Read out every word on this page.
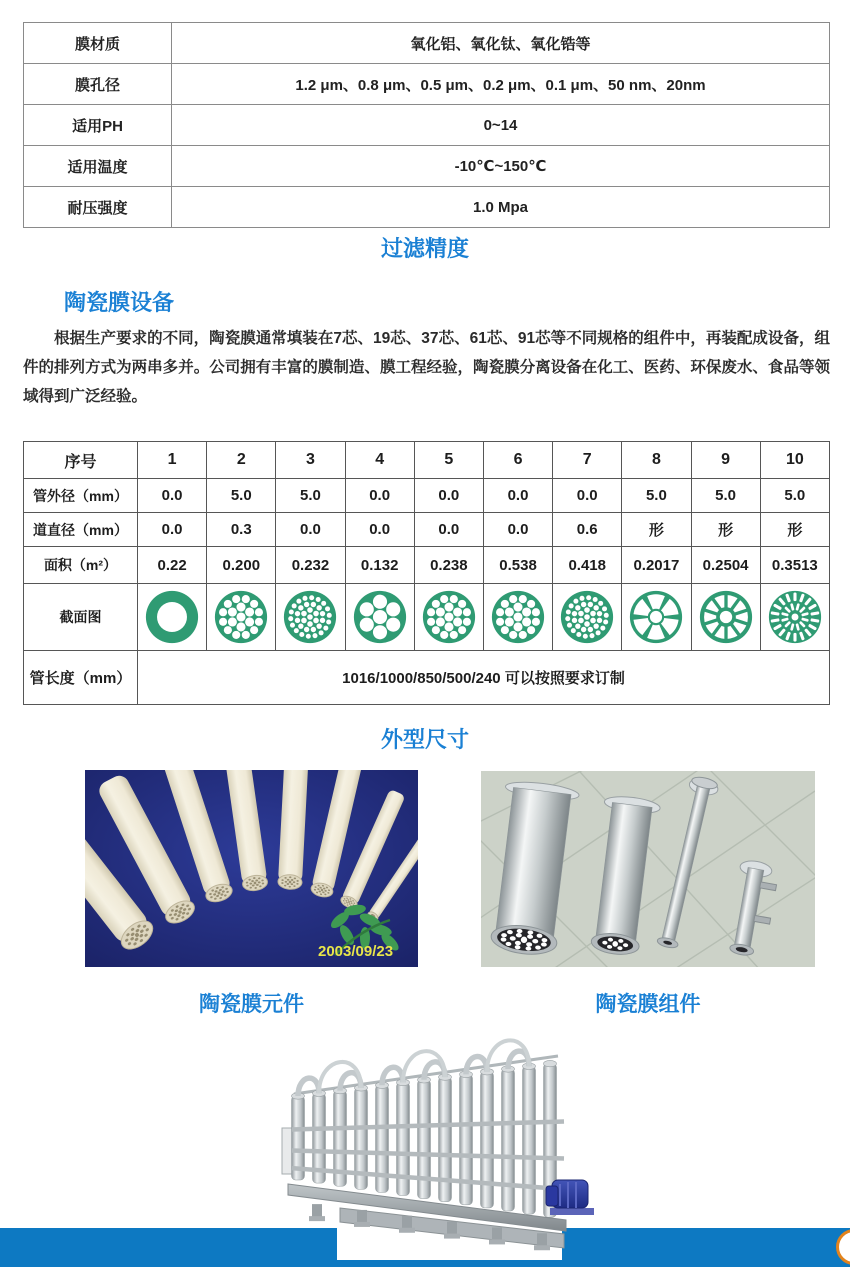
膜材质	氧化铝、氧化钛、氧化锆等
膜孔径	1.2 μm、0.8 μm、0.5 μm、0.2 μm、0.1 μm、50 nm、20nm
适用PH	0~14
适用温度	-10℃~150℃
耐压强度	1.0 Mpa
过滤精度
陶瓷膜设备
根据生产要求的不同，陶瓷膜通常填装在7芯、19芯、37芯、61芯、91芯等不同规格的组件中，再装配成设备，组件的排列方式为两串多并。公司拥有丰富的膜制造、膜工程经验，陶瓷膜分离设备在化工、医药、环保废水、食品等领域得到广泛经验。
序号	1	2	3	4	5	6	7	8	9	10
管外径（mm）	0.0	5.0	5.0	0.0	0.0	0.0	0.0	5.0	5.0	5.0
道直径（mm）	0.0	0.3	0.0	0.0	0.0	0.0	0.6	形	形	形
面积（m²）	0.22	0.200	0.232	0.132	0.238	0.538	0.418	0.2017	0.2504	0.3513
截面图	

管长度（mm）	1016/1000/850/500/240 可以按照要求订制									
外型尺寸
2003/09/23
陶瓷膜元件	陶瓷膜组件
